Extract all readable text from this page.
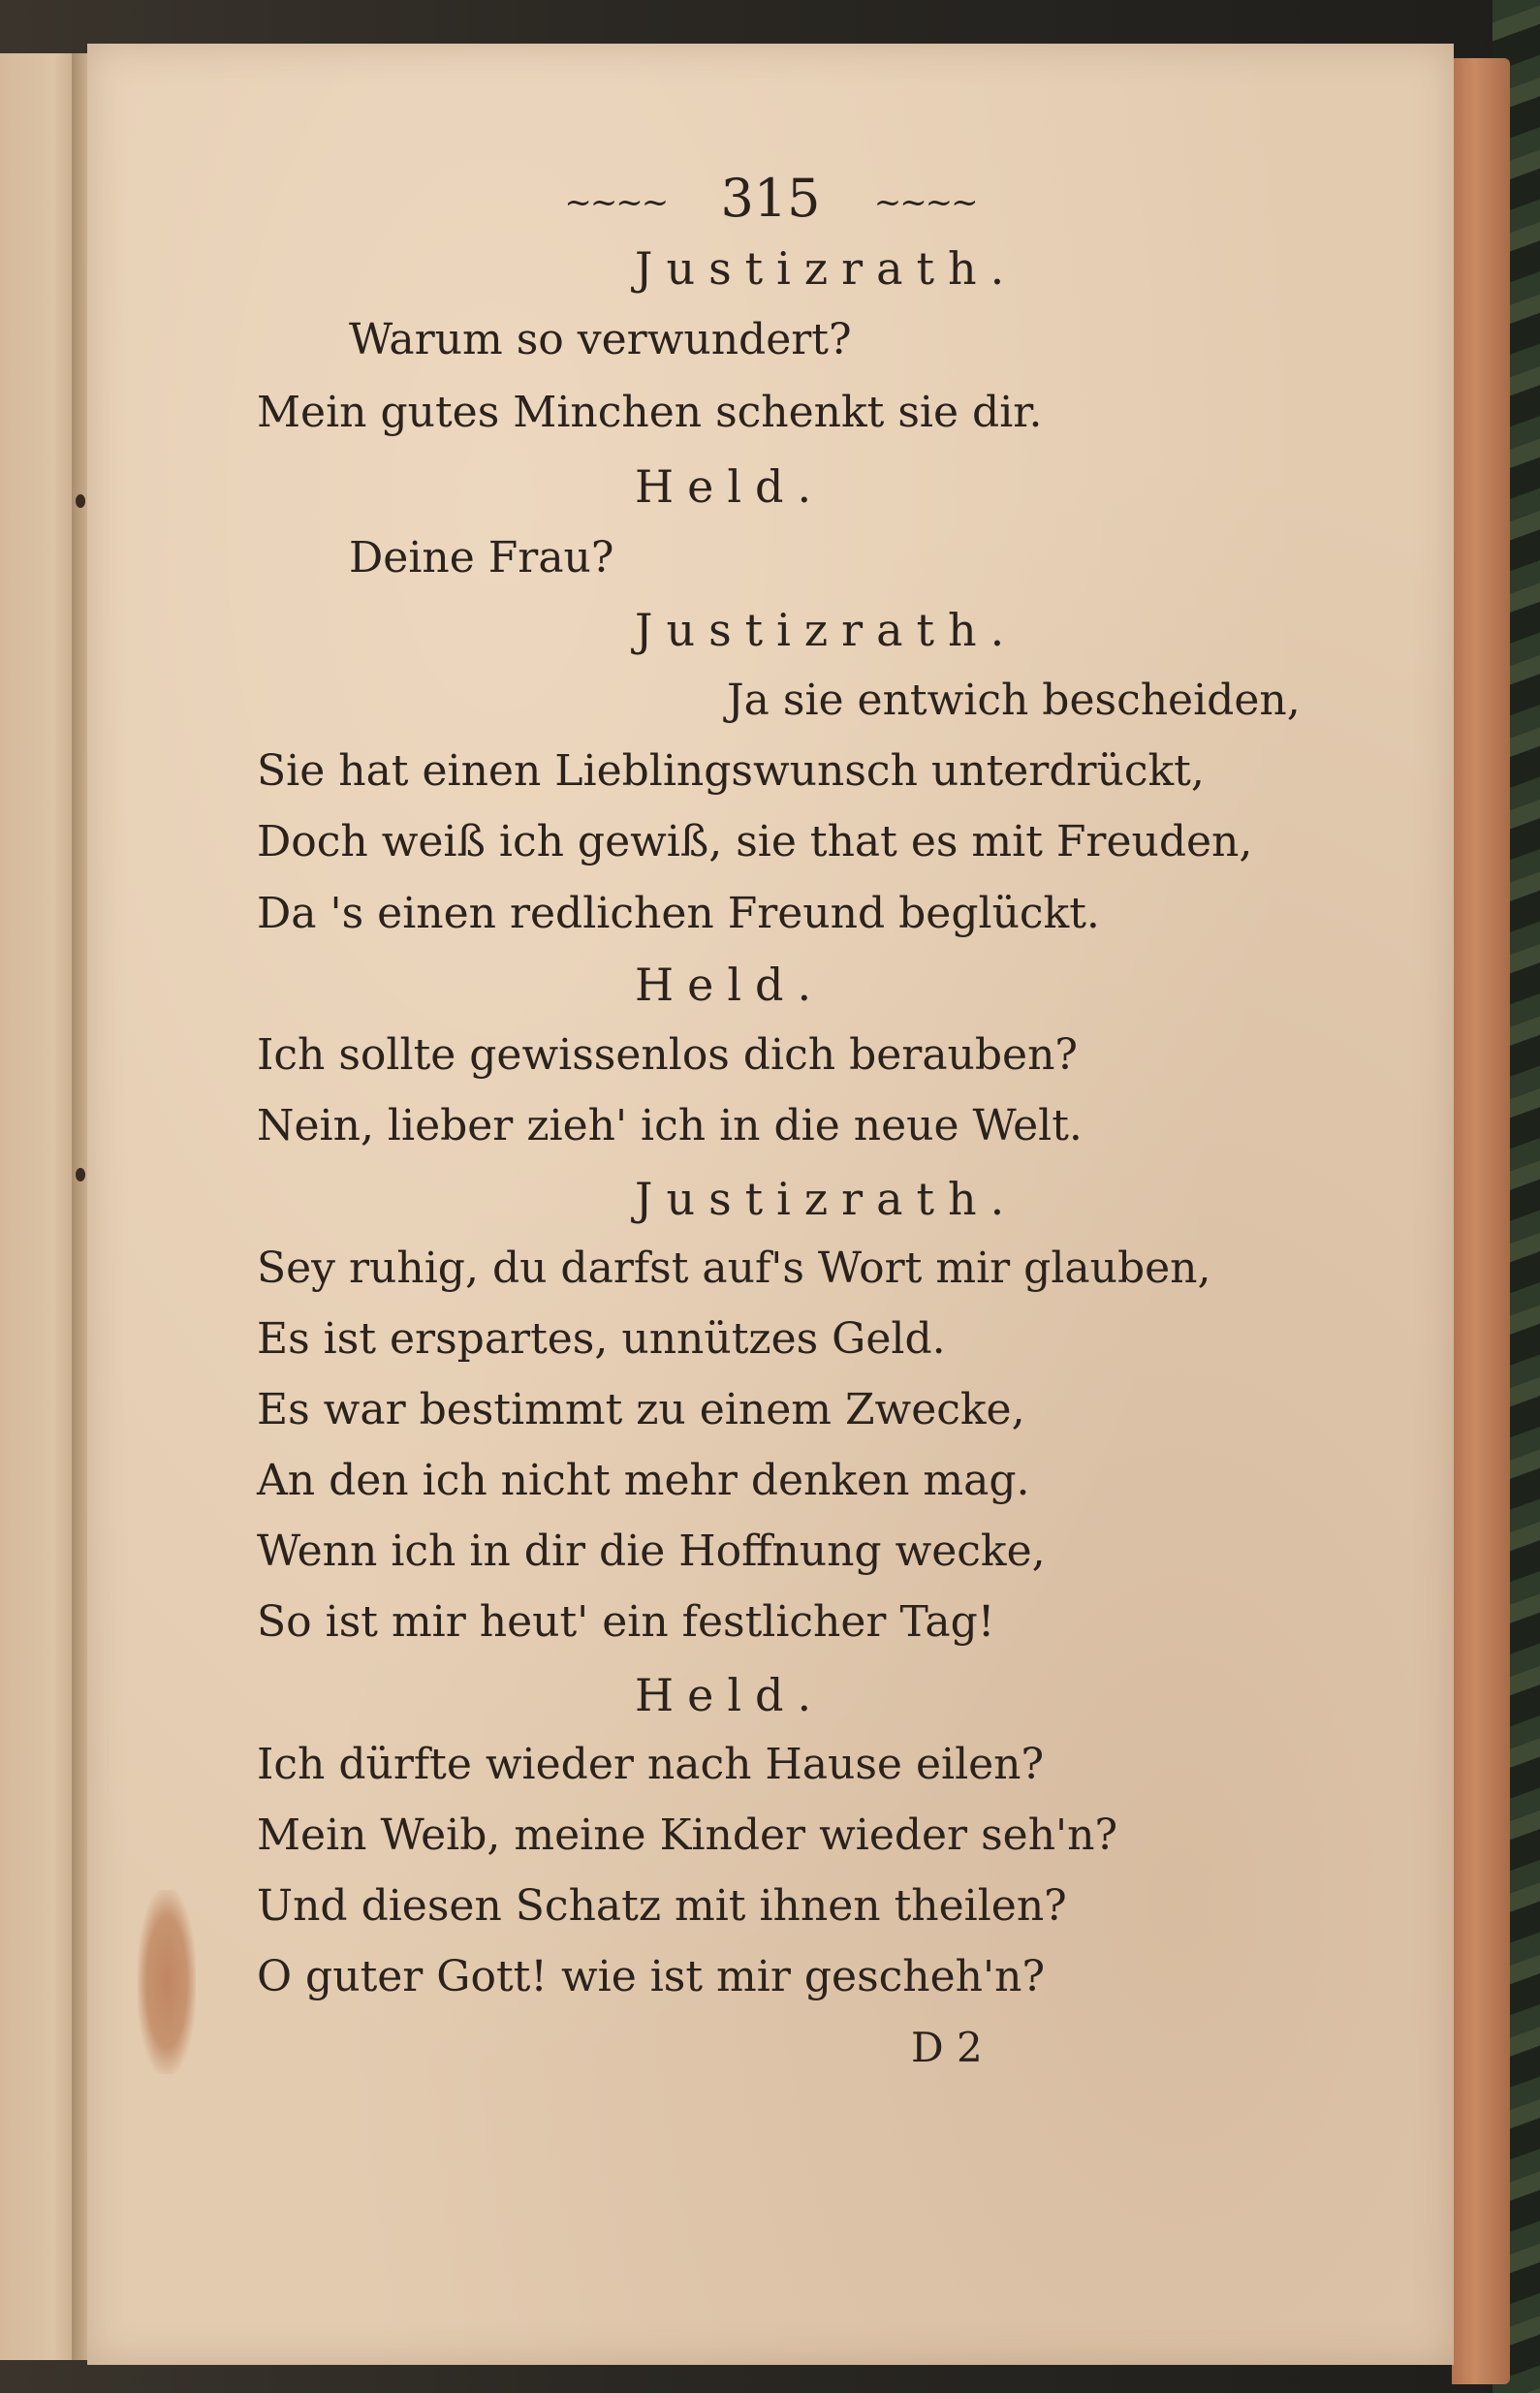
~~~~ 315 ~~~~
Justizrath.
Warum so verwundert?
Mein gutes Minchen schenkt sie dir.
Held.
Deine Frau?
Justizrath.
Ja sie entwich bescheiden,
Sie hat einen Lieblingswunsch unterdrückt,
Doch weiß ich gewiß, sie that es mit Freuden,
Da 's einen redlichen Freund beglückt.
Held.
Ich sollte gewissenlos dich berauben?
Nein, lieber zieh' ich in die neue Welt.
Justizrath.
Sey ruhig, du darfst auf's Wort mir glauben,
Es ist erspartes, unnützes Geld.
Es war bestimmt zu einem Zwecke,
An den ich nicht mehr denken mag.
Wenn ich in dir die Hoffnung wecke,
So ist mir heut' ein festlicher Tag!
Held.
Ich dürfte wieder nach Hause eilen?
Mein Weib, meine Kinder wieder seh'n?
Und diesen Schatz mit ihnen theilen?
O guter Gott! wie ist mir gescheh'n?
D 2
